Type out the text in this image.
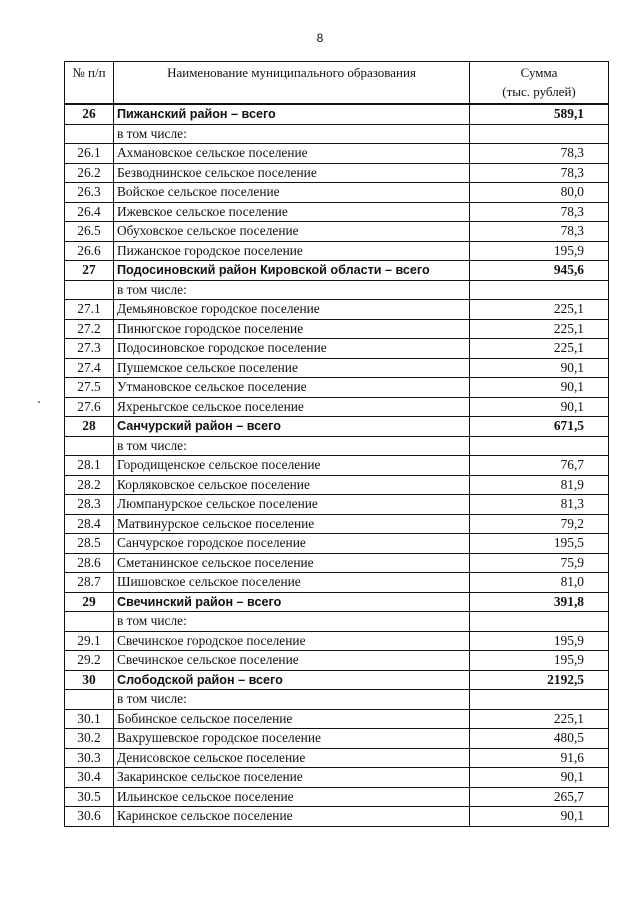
8
№ п/п	Наименование муниципального образования	Сумма
(тыс. рублей)
26	Пижанский район – всего	589,1
	в том числе:	
26.1	Ахмановское сельское поселение	78,3
26.2	Безводнинское сельское поселение	78,3
26.3	Войское сельское поселение	80,0
26.4	Ижевское сельское поселение	78,3
26.5	Обуховское сельское поселение	78,3
26.6	Пижанское городское поселение	195,9
27	Подосиновский район Кировской области – всего	945,6
	в том числе:	
27.1	Демьяновское городское поселение	225,1
27.2	Пинюгское городское поселение	225,1
27.3	Подосиновское городское поселение	225,1
27.4	Пушемское сельское поселение	90,1
27.5	Утмановское сельское поселение	90,1
27.6	Яхреньгское сельское поселение	90,1
28	Санчурский район – всего	671,5
	в том числе:	
28.1	Городищенское сельское поселение	76,7
28.2	Корляковское сельское поселение	81,9
28.3	Люмпанурское сельское поселение	81,3
28.4	Матвинурское сельское поселение	79,2
28.5	Санчурское городское поселение	195,5
28.6	Сметанинское сельское поселение	75,9
28.7	Шишовское сельское поселение	81,0
29	Свечинский район – всего	391,8
	в том числе:	
29.1	Свечинское городское поселение	195,9
29.2	Свечинское сельское поселение	195,9
30	Слободской район – всего	2192,5
	в том числе:	
30.1	Бобинское сельское поселение	225,1
30.2	Вахрушевское городское поселение	480,5
30.3	Денисовское сельское поселение	91,6
30.4	Закаринское сельское поселение	90,1
30.5	Ильинское сельское поселение	265,7
30.6	Каринское сельское поселение	90,1
